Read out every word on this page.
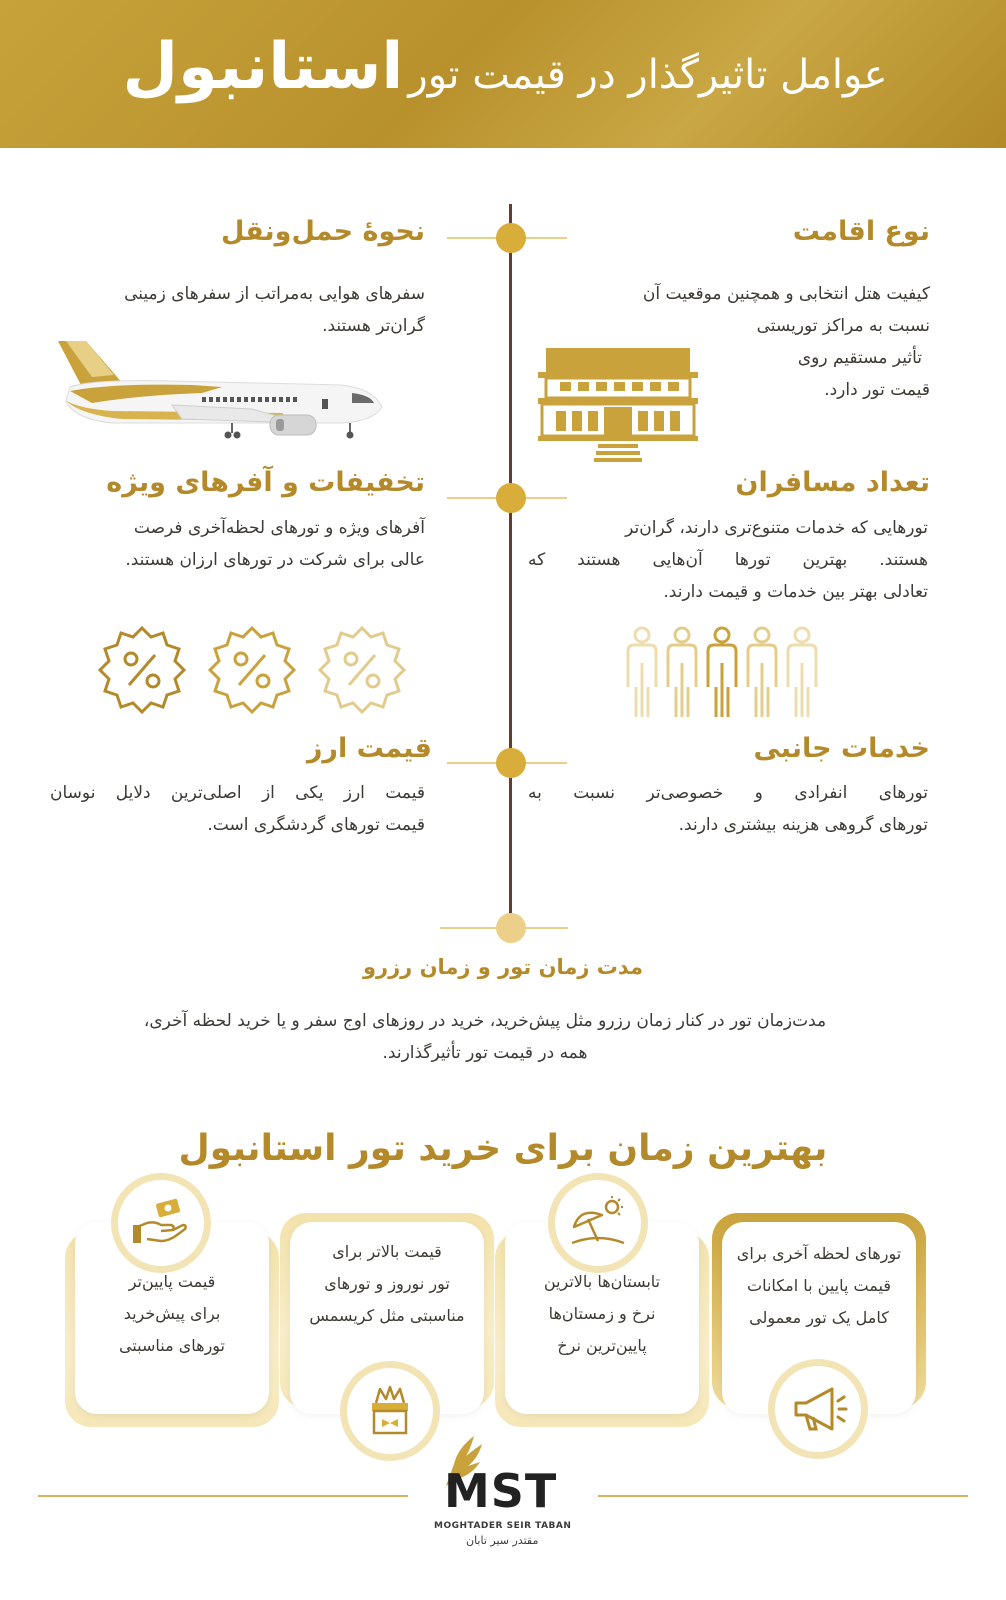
عوامل تاثیرگذار در قیمت تور استانبول
نوع اقامت
کیفیت هتل انتخابی و همچنین موقعیت آن
نسبت به مراکز توریستی
تأثیر مستقیم روی
قیمت تور دارد.
نحوهٔ حمل‌ونقل
سفرهای هوایی به‌مراتب از سفرهای زمینی
گران‌تر هستند.
تعداد مسافران
تورهایی که خدمات متنوع‌تری دارند، گران‌تر
هستند. بهترین تورها آن‌هایی هستند که
تعادلی بهتر بین خدمات و قیمت دارند.
تخفیفات و آفرهای ویژه
آفرهای ویژه و تورهای لحظه‌آخری فرصت
عالی برای شرکت در تورهای ارزان هستند.
خدمات جانبی
تورهای انفرادی و خصوصی‌تر نسبت به
تورهای گروهی هزینه بیشتری دارند.
قیمت ارز
قیمت ارز یکی از اصلی‌ترین دلایل نوسان
قیمت تورهای گردشگری است.
مدت زمان تور و زمان رزرو
مدت‌زمان تور در کنار زمان رزرو مثل پیش‌خرید، خرید در روزهای اوج سفر و یا خرید لحظه آخری،
همه در قیمت تور تأثیرگذارند.
بهترین زمان برای خرید تور استانبول
تورهای لحظه آخری برای
قیمت پایین با امکانات
کامل یک تور معمولی
تابستان‌ها بالاترین
نرخ و زمستان‌ها
پایین‌ترین نرخ
قیمت بالاتر برای
تور نوروز و تورهای
مناسبتی مثل کریسمس
قیمت پایین‌تر
برای پیش‌خرید
تورهای مناسبتی
MST
MOGHTADER SEIR TABAN
مقتدر سیر تابان
